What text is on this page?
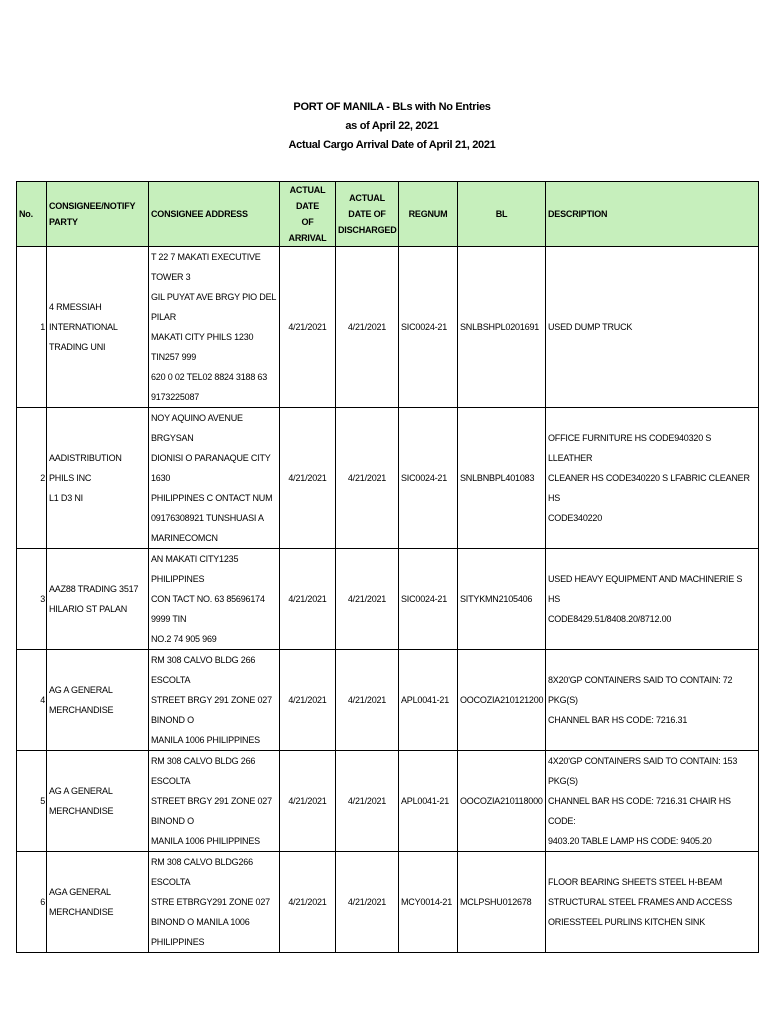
PORT OF MANILA - BLs with No Entries
as of April 22, 2021
Actual Cargo Arrival Date of April 21, 2021
No.	CONSIGNEE/NOTIFY PARTY	CONSIGNEE ADDRESS	ACTUAL DATE
OF ARRIVAL	ACTUAL DATE OF
DISCHARGED	REGNUM	BL	DESCRIPTION
1	4 RMESSIAH INTERNATIONAL
TRADING UNI	T 22 7 MAKATI EXECUTIVE TOWER 3
GIL PUYAT AVE BRGY PIO DEL PILAR
MAKATI CITY PHILS 1230 TIN257 999
620 0 02 TEL02 8824 3188 63
9173225087	4/21/2021	4/21/2021	SIC0024-21	SNLBSHPL0201691	USED DUMP TRUCK
2	AADISTRIBUTION PHILS INC
L1 D3 NI	NOY AQUINO AVENUE BRGYSAN
DIONISI O PARANAQUE CITY 1630
PHILIPPINES C ONTACT NUM
09176308921 TUNSHUASI A
MARINECOMCN	4/21/2021	4/21/2021	SIC0024-21	SNLBNBPL401083	OFFICE FURNITURE HS CODE940320 S LLEATHER
CLEANER HS CODE340220 S LFABRIC CLEANER HS
CODE340220
3	AAZ88 TRADING 3517
HILARIO ST PALAN	AN MAKATI CITY1235 PHILIPPINES
CON TACT NO. 63 85696174 9999 TIN
NO.2 74 905 969	4/21/2021	4/21/2021	SIC0024-21	SITYKMN2105406	USED HEAVY EQUIPMENT AND MACHINERIE S HS
CODE8429.51/8408.20/8712.00
4	AG A GENERAL
MERCHANDISE	RM 308 CALVO BLDG 266 ESCOLTA
STREET BRGY 291 ZONE 027
BINOND O
MANILA 1006 PHILIPPINES	4/21/2021	4/21/2021	APL0041-21	OOCOZIA210121200	8X20'GP CONTAINERS SAID TO CONTAIN: 72 PKG(S)
CHANNEL BAR HS CODE: 7216.31
5	AG A GENERAL
MERCHANDISE	RM 308 CALVO BLDG 266 ESCOLTA
STREET BRGY 291 ZONE 027
BINOND O
MANILA 1006 PHILIPPINES	4/21/2021	4/21/2021	APL0041-21	OOCOZIA210118000	4X20'GP CONTAINERS SAID TO CONTAIN: 153 PKG(S)
CHANNEL BAR HS CODE: 7216.31 CHAIR HS CODE:
9403.20 TABLE LAMP HS CODE: 9405.20
6	AGA GENERAL
MERCHANDISE	RM 308 CALVO BLDG266 ESCOLTA
STRE ETBRGY291 ZONE 027
BINOND O MANILA 1006 PHILIPPINES	4/21/2021	4/21/2021	MCY0014-21	MCLPSHU012678	FLOOR BEARING SHEETS STEEL H-BEAM
STRUCTURAL STEEL FRAMES AND ACCESS
ORIESSTEEL PURLINS KITCHEN SINK
